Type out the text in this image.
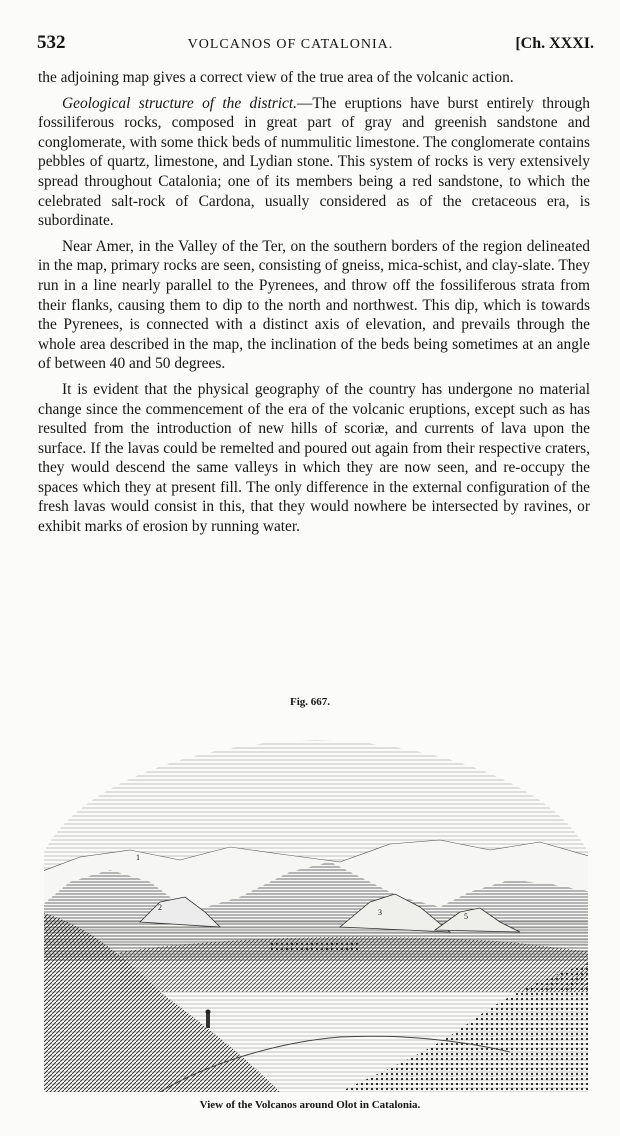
532	VOLCANOS OF CATALONIA.	[Ch. XXXI.

the adjoining map gives a correct view of the true area of the volcanic action.

Geological structure of the district.—The eruptions have burst entirely through fossiliferous rocks, composed in great part of gray and greenish sandstone and conglomerate, with some thick beds of nummulitic limestone. The conglomerate contains pebbles of quartz, limestone, and Lydian stone. This system of rocks is very extensively spread throughout Catalonia; one of its members being a red sandstone, to which the celebrated salt-rock of Cardona, usually considered as of the cretaceous era, is subordinate.

Near Amer, in the Valley of the Ter, on the southern borders of the region delineated in the map, primary rocks are seen, consisting of gneiss, mica-schist, and clay-slate. They run in a line nearly parallel to the Pyrenees, and throw off the fossiliferous strata from their flanks, causing them to dip to the north and northwest. This dip, which is towards the Pyrenees, is connected with a distinct axis of elevation, and prevails through the whole area described in the map, the inclination of the beds being sometimes at an angle of between 40 and 50 degrees.

It is evident that the physical geography of the country has undergone no material change since the commencement of the era of the volcanic eruptions, except such as has resulted from the introduction of new hills of scoriæ, and currents of lava upon the surface. If the lavas could be remelted and poured out again from their respective craters, they would descend the same valleys in which they are now seen, and re-occupy the spaces which they at present fill. The only difference in the external configuration of the fresh lavas would consist in this, that they would nowhere be intersected by ravines, or exhibit marks of erosion by running water.

Fig. 667.
1
2
3	5
View of the Volcanos around Olot in Catalonia.
